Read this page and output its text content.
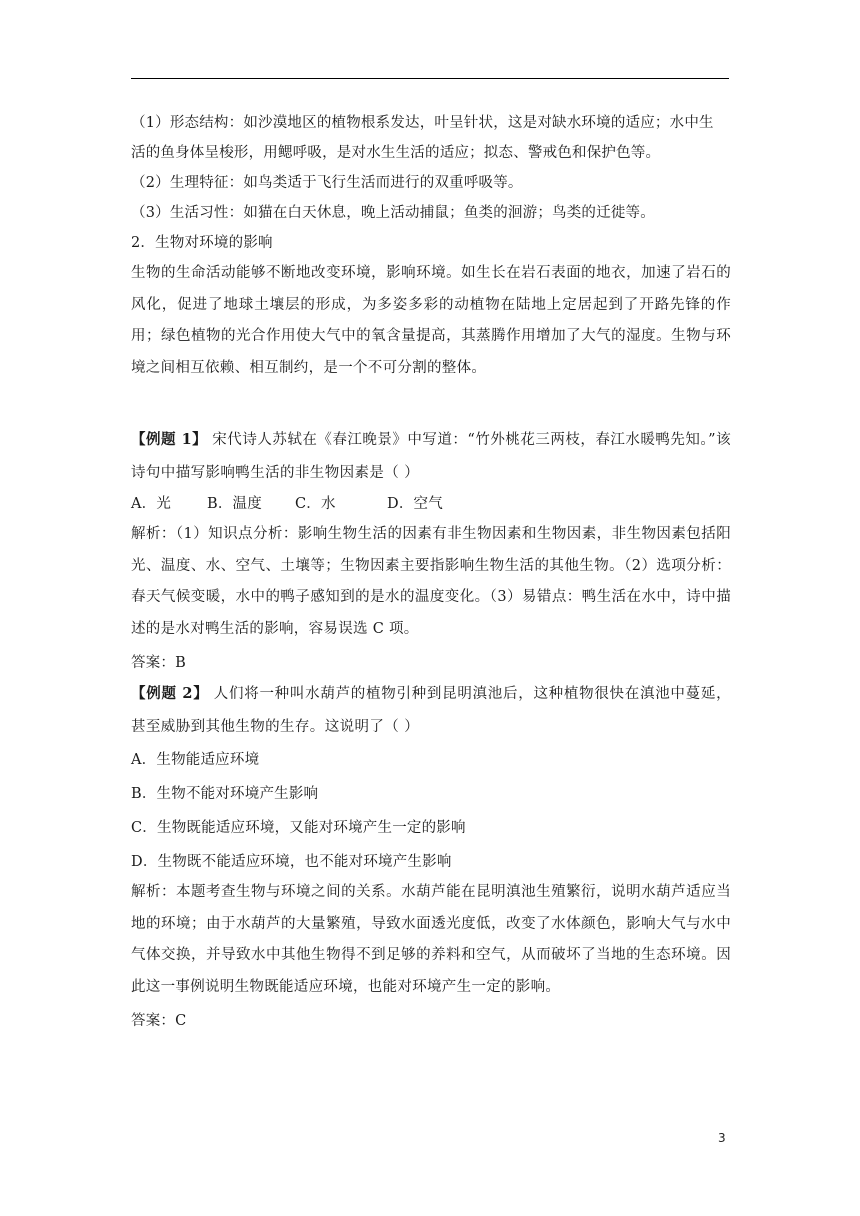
（1）形态结构：如沙漠地区的植物根系发达，叶呈针状，这是对缺水环境的适应；水中生
活的鱼身体呈梭形，用鳃呼吸，是对水生生活的适应；拟态、警戒色和保护色等。
（2）生理特征：如鸟类适于飞行生活而进行的双重呼吸等。
（3）生活习性：如猫在白天休息，晚上活动捕鼠；鱼类的洄游；鸟类的迁徙等。
2．生物对环境的影响
生物的生命活动能够不断地改变环境，影响环境。如生长在岩石表面的地衣，加速了岩石的风化，促进了地球土壤层的形成，为多姿多彩的动植物在陆地上定居起到了开路先锋的作用；绿色植物的光合作用使大气中的氧含量提高，其蒸腾作用增加了大气的湿度。生物与环境之间相互依赖、相互制约，是一个不可分割的整体。
【例题 1】 宋代诗人苏轼在《春江晚景》中写道：“竹外桃花三两枝，春江水暖鸭先知。”该诗句中描写影响鸭生活的非生物因素是（ ）
A．光 B．温度 C．水	D．空气
解析：（1）知识点分析：影响生物生活的因素有非生物因素和生物因素，非生物因素包括阳光、温度、水、空气、土壤等；生物因素主要指影响生物生活的其他生物。（2）选项分析：春天气候变暖，水中的鸭子感知到的是水的温度变化。（3）易错点：鸭生活在水中，诗中描述的是水对鸭生活的影响，容易误选 C 项。
答案：B
【例题 2】 人们将一种叫水葫芦的植物引种到昆明滇池后，这种植物很快在滇池中蔓延，甚至威胁到其他生物的生存。这说明了（ ）
A．生物能适应环境
B．生物不能对环境产生影响
C．生物既能适应环境，又能对环境产生一定的影响
D．生物既不能适应环境，也不能对环境产生影响
解析：本题考查生物与环境之间的关系。水葫芦能在昆明滇池生殖繁衍，说明水葫芦适应当地的环境；由于水葫芦的大量繁殖，导致水面透光度低，改变了水体颜色，影响大气与水中气体交换，并导致水中其他生物得不到足够的养料和空气，从而破坏了当地的生态环境。因此这一事例说明生物既能适应环境，也能对环境产生一定的影响。
答案：C
3
